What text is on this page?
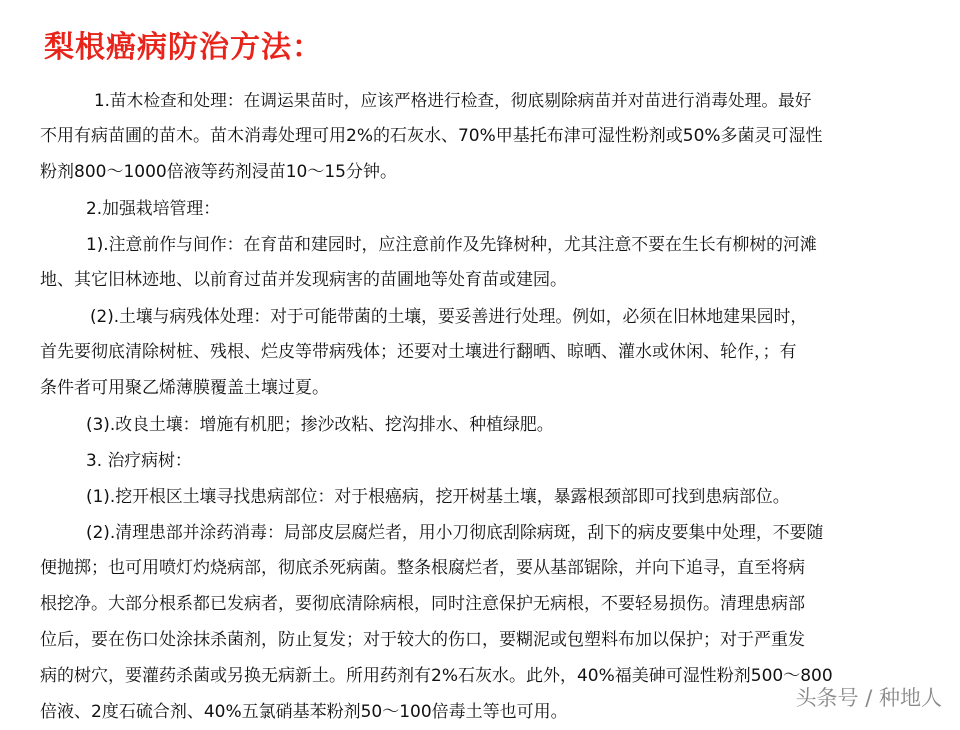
梨根癌病防治方法：
1.苗木检查和处理：在调运果苗时，应该严格进行检查，彻底剔除病苗并对苗进行消毒处理。最好
不用有病苗圃的苗木。苗木消毒处理可用2%的石灰水、70%甲基托布津可湿性粉剂或50%多菌灵可湿性
粉剂800～1000倍液等药剂浸苗10～15分钟。
2.加强栽培管理：
1).注意前作与间作：在育苗和建园时，应注意前作及先锋树种，尤其注意不要在生长有柳树的河滩
地、其它旧林迹地、以前育过苗并发现病害的苗圃地等处育苗或建园。
(2).土壤与病残体处理：对于可能带菌的土壤，要妥善进行处理。例如，必须在旧林地建果园时，
首先要彻底清除树桩、残根、烂皮等带病残体；还要对土壤进行翻晒、晾晒、灌水或休闲、轮作，；有
条件者可用聚乙烯薄膜覆盖土壤过夏。
(3).改良土壤：增施有机肥；掺沙改粘、挖沟排水、种植绿肥。
3. 治疗病树：
(1).挖开根区土壤寻找患病部位：对于根癌病，挖开树基土壤，暴露根颈部即可找到患病部位。
(2).清理患部并涂药消毒：局部皮层腐烂者，用小刀彻底刮除病斑，刮下的病皮要集中处理，不要随
便抛掷；也可用喷灯灼烧病部，彻底杀死病菌。整条根腐烂者，要从基部锯除，并向下追寻，直至将病
根挖净。大部分根系都已发病者，要彻底清除病根，同时注意保护无病根，不要轻易损伤。清理患病部
位后，要在伤口处涂抹杀菌剂，防止复发；对于较大的伤口，要糊泥或包塑料布加以保护；对于严重发
病的树穴，要灌药杀菌或另换无病新土。所用药剂有2%石灰水。此外，40%福美砷可湿性粉剂500～800
倍液、2度石硫合剂、40%五氯硝基苯粉剂50～100倍毒土等也可用。
头条号 / 种地人
